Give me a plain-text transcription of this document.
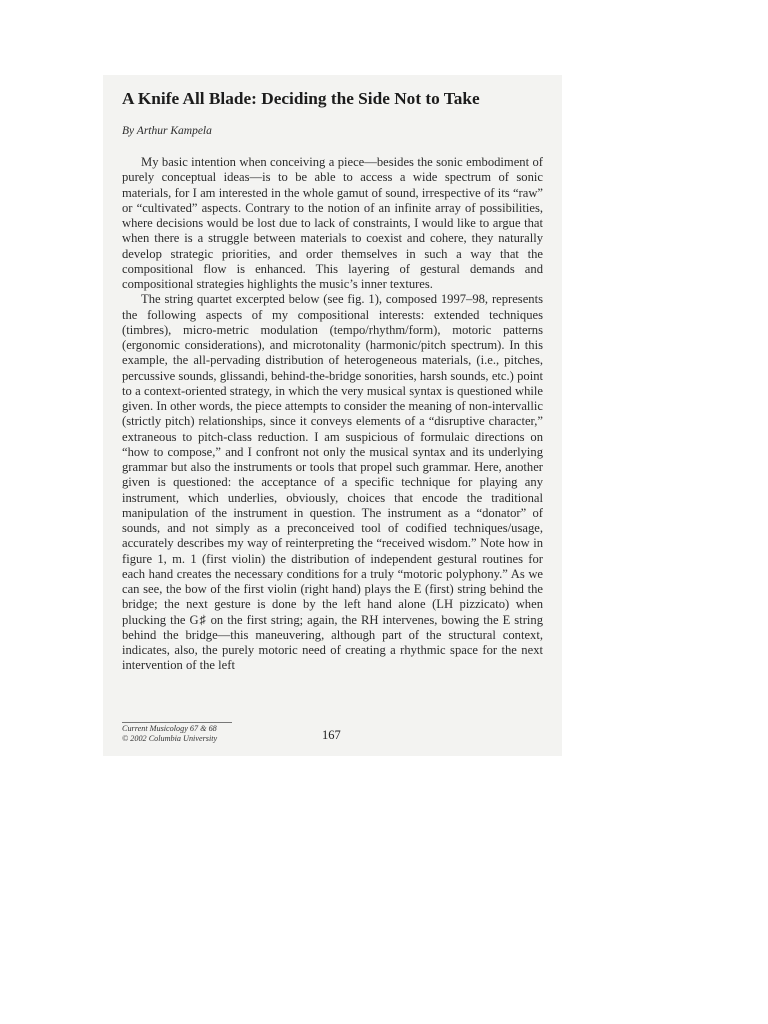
A Knife All Blade: Deciding the Side Not to Take

By Arthur Kampela

My basic intention when conceiving a piece—besides the sonic embodiment of purely conceptual ideas—is to be able to access a wide spectrum of sonic materials, for I am interested in the whole gamut of sound, irrespective of its “raw” or “cultivated” aspects. Contrary to the notion of an infinite array of possibilities, where decisions would be lost due to lack of constraints, I would like to argue that when there is a struggle between materials to coexist and cohere, they naturally develop strategic priorities, and order themselves in such a way that the compositional flow is enhanced. This layering of gestural demands and compositional strategies highlights the music’s inner textures.

The string quartet excerpted below (see fig. 1), composed 1997–98, represents the following aspects of my compositional interests: extended techniques (timbres), micro-metric modulation (tempo/rhythm/form), motoric patterns (ergonomic considerations), and microtonality (harmonic/pitch spectrum). In this example, the all-pervading distribution of heterogeneous materials, (i.e., pitches, percussive sounds, glissandi, behind-the-bridge sonorities, harsh sounds, etc.) point to a context-oriented strategy, in which the very musical syntax is questioned while given. In other words, the piece attempts to consider the meaning of non-intervallic (strictly pitch) relationships, since it conveys elements of a “disruptive character,” extraneous to pitch-class reduction. I am suspicious of formulaic directions on “how to compose,” and I confront not only the musical syntax and its underlying grammar but also the instruments or tools that propel such grammar. Here, another given is questioned: the acceptance of a specific technique for playing any instrument, which underlies, obviously, choices that encode the traditional manipulation of the instrument in question. The instrument as a “donator” of sounds, and not simply as a preconceived tool of codified techniques/usage, accurately describes my way of reinterpreting the “received wisdom.” Note how in figure 1, m. 1 (first violin) the distribution of independent gestural routines for each hand creates the necessary conditions for a truly “motoric polyphony.” As we can see, the bow of the first violin (right hand) plays the E (first) string behind the bridge; the next gesture is done by the left hand alone (LH pizzicato) when plucking the G♯ on the first string; again, the RH intervenes, bowing the E string behind the bridge—this maneuvering, although part of the structural context, indicates, also, the purely motoric need of creating a rhythmic space for the next intervention of the left

Current Musicology 67 & 68

© 2002 Columbia University	167
